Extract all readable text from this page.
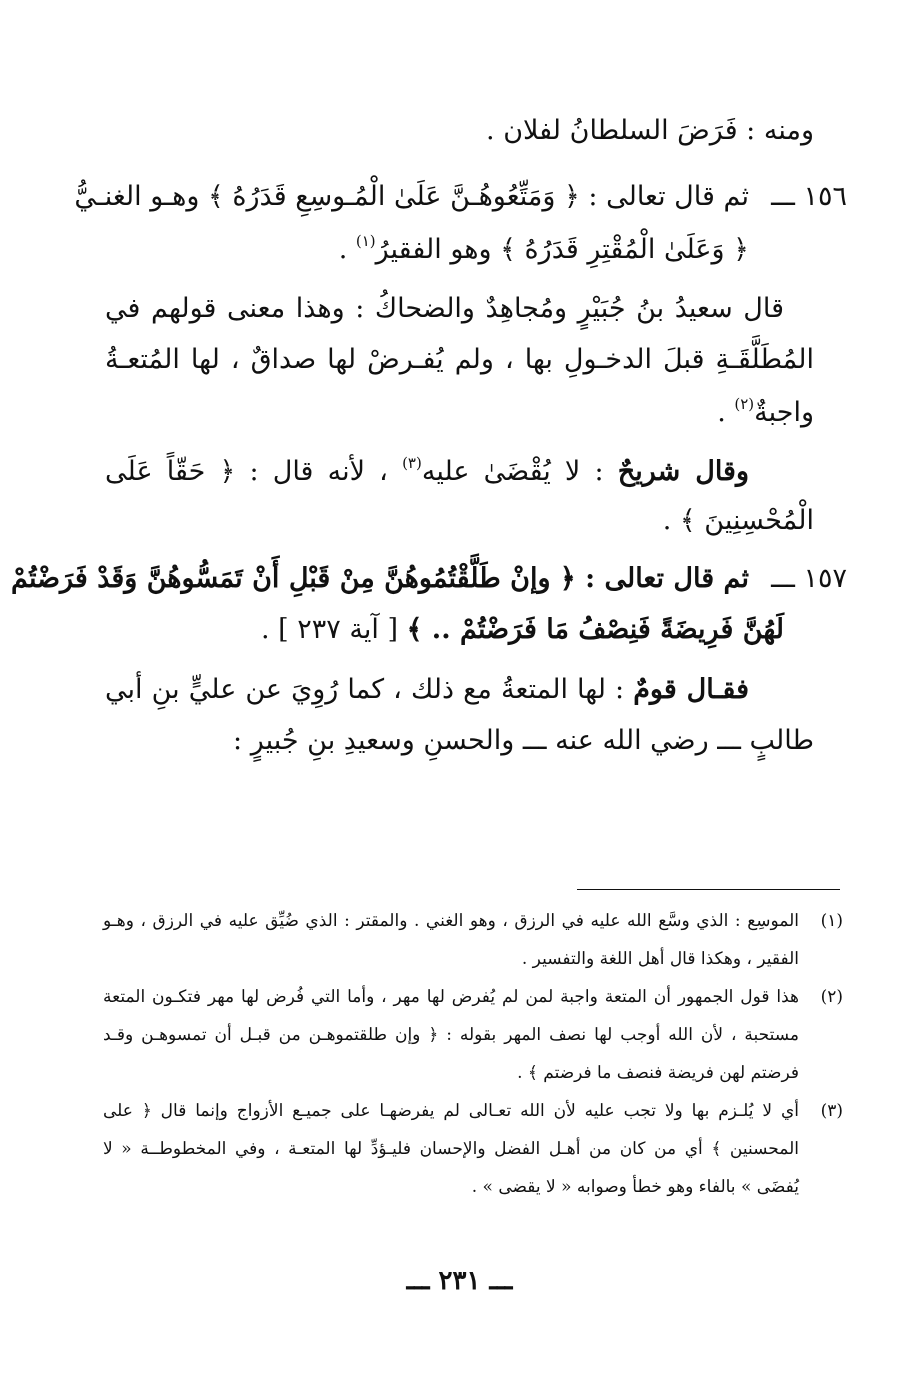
ومنه : فَرَضَ السلطانُ لفلان .
١٥٦ ـــ
ثم قال تعالى : ﴿ وَمَتِّعُوهُـنَّ عَلَىٰ الْمُـوسِعِ قَدَرُهُ ﴾ وهـو الغنـيُّ
﴿ وَعَلَىٰ الْمُقْتِرِ قَدَرُهُ ﴾ وهو الفقيرُ$^{(١)}$ .
قال سعيدُ بنُ جُبَيْرٍ ومُجاهِدٌ والضحاكُ : وهذا معنى قولهم في
المُطَلَّقَـةِ قبلَ الدخـولِ بها ، ولم يُفـرضْ لها صداقٌ ، لها المُتعـةُ
واجبةٌ$^{(٢)}$ .
وقال شريحٌ : لا يُقْضَىٰ عليه$^{(٣)}$ ، لأنه قال : ﴿ حَقّاً عَلَى
الْمُحْسِنِينَ ﴾ .
١٥٧ ـــ
ثم قال تعالى : ﴿ وإنْ طَلَّقْتُمُوهُنَّ مِنْ قَبْلِ أَنْ تَمَسُّوهُنَّ وَقَدْ فَرَضْتُمْ
لَهُنَّ فَرِيضَةً فَنِصْفُ مَا فَرَضْتُمْ .. ﴾ [ آية ٢٣٧ ] .
فقـال قومٌ : لها المتعةُ مع ذلك ، كما رُوِيَ عن عليٍّ بنِ أبي
طالبٍ ـــ رضي الله عنه ـــ والحسنِ وسعيدِ بنِ جُبيرٍ :
(١)
الموسِع : الذي وسَّع الله عليه في الرزق ، وهو الغني . والمقتر : الذي ضُيِّق عليه في الرزق ، وهـو
الفقير ، وهكذا قال أهل اللغة والتفسير .
(٢)
هذا قول الجمهور أن المتعة واجبة لمن لم يُفرض لها مهر ، وأما التي فُرض لها مهر فتكـون المتعة
مستحبة ، لأن الله أوجب لها نصف المهر بقوله : ﴿ وإن طلقتموهـن من قبـل أن تمسوهـن وقـد
فرضتم لهن فريضة فنصف ما فرضتم ﴾ .
(٣)
أي لا يُلـزم بها ولا تجب عليه لأن الله تعـالى لم يفرضهـا على جميـع الأزواج وإنما قال ﴿ على
المحسنين ﴾ أي من كان من أهـل الفضل والإحسان فليـؤدِّ لها المتعـة ، وفي المخطوطــة « لا
يُفضَى » بالفاء وهو خطأ وصوابه « لا يقضى » .
ـــ ٢٣١ ـــ
